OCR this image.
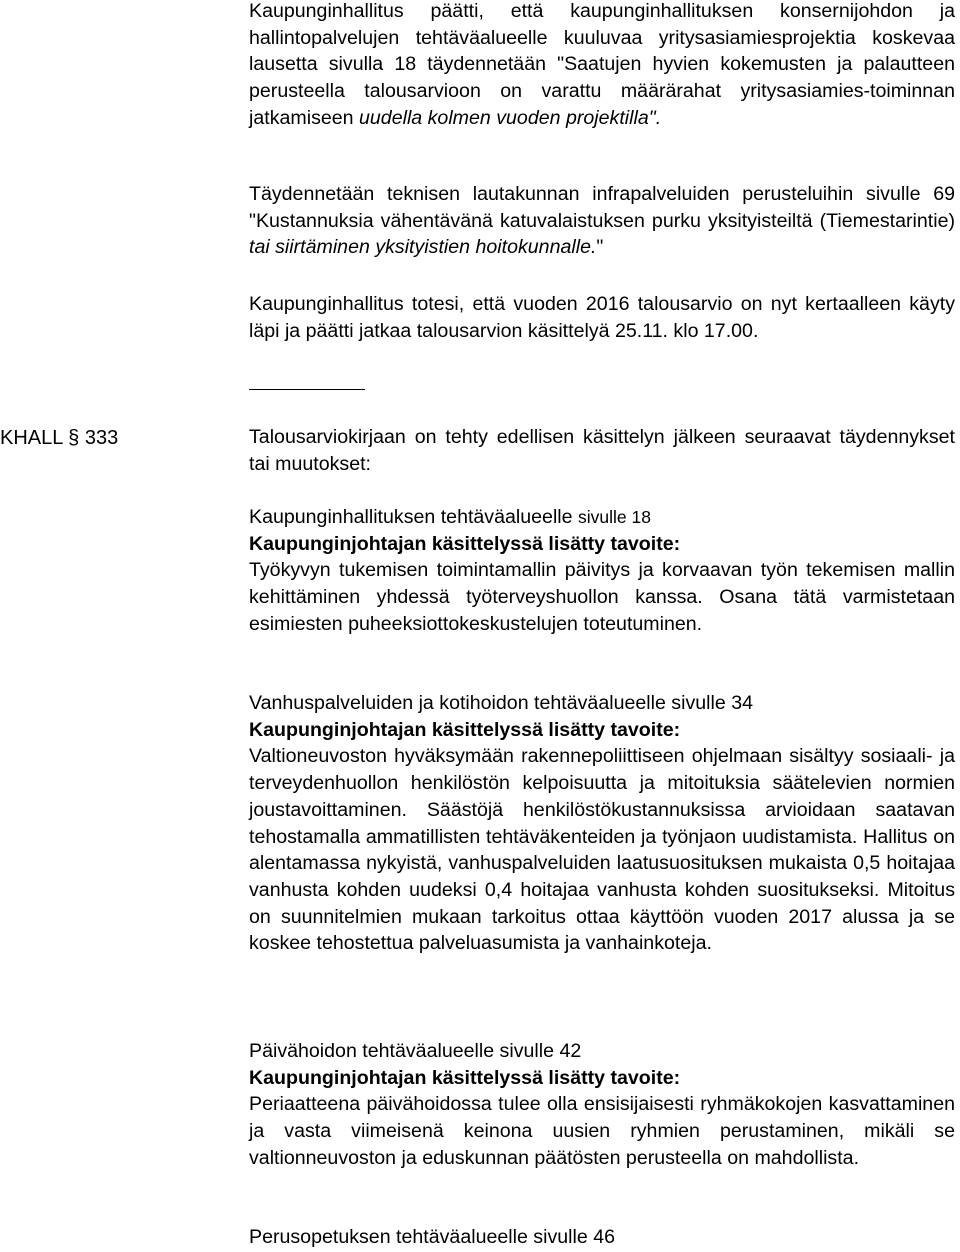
Kaupunginhallitus päätti, että kaupunginhallituksen konsernijohdon ja hallintopalvelujen tehtäväalueelle kuuluvaa yritysasiamiesprojektia koskevaa lausetta sivulla 18 täydennetään "Saatujen hyvien kokemusten ja palautteen perusteella talousarvioon on varattu määrärahat yritysasiamies-toiminnan jatkamiseen uudella kolmen vuoden projektilla".

Täydennetään teknisen lautakunnan infrapalveluiden perusteluihin sivulle 69 "Kustannuksia vähentävänä katuvalaistuksen purku yksityisteiltä (Tiemestarintie) tai siirtäminen yksityistien hoitokunnalle."

Kaupunginhallitus totesi, että vuoden 2016 talousarvio on nyt kertaalleen käyty läpi ja päätti jatkaa talousarvion käsittelyä 25.11. klo 17.00.

KHALL § 333	Talousarviokirjaan on tehty edellisen käsittelyn jälkeen seuraavat täydennykset tai muutokset:

Kaupunginhallituksen tehtäväalueelle sivulle 18

Kaupunginjohtajan käsittelyssä lisätty tavoite:

Työkyvyn tukemisen toimintamallin päivitys ja korvaavan työn tekemisen mallin kehittäminen yhdessä työterveyshuollon kanssa. Osana tätä varmistetaan esimiesten puheeksiottokeskustelujen toteutuminen.

Vanhuspalveluiden ja kotihoidon tehtäväalueelle sivulle 34

Kaupunginjohtajan käsittelyssä lisätty tavoite:

Valtioneuvoston hyväksymään rakennepoliittiseen ohjelmaan sisältyy sosiaali- ja terveydenhuollon henkilöstön kelpoisuutta ja mitoituksia säätelevien normien joustavoittaminen. Säästöjä henkilöstökustannuksissa arvioidaan saatavan tehostamalla ammatillisten tehtäväkenteiden ja työnjaon uudistamista. Hallitus on alentamassa nykyistä, vanhuspalveluiden laatusuosituksen mukaista 0,5 hoitajaa vanhusta kohden uudeksi 0,4 hoitajaa vanhusta kohden suositukseksi. Mitoitus on suunnitelmien mukaan tarkoitus ottaa käyttöön vuoden 2017 alussa ja se koskee tehostettua palveluasumista ja vanhainkoteja.

Päivähoidon tehtäväalueelle sivulle 42

Kaupunginjohtajan käsittelyssä lisätty tavoite:

Periaatteena päivähoidossa tulee olla ensisijaisesti ryhmäkokojen kasvattaminen ja vasta viimeisenä keinona uusien ryhmien perustaminen, mikäli se valtionneuvoston ja eduskunnan päätösten perusteella on mahdollista.

Perusopetuksen tehtäväalueelle sivulle 46
